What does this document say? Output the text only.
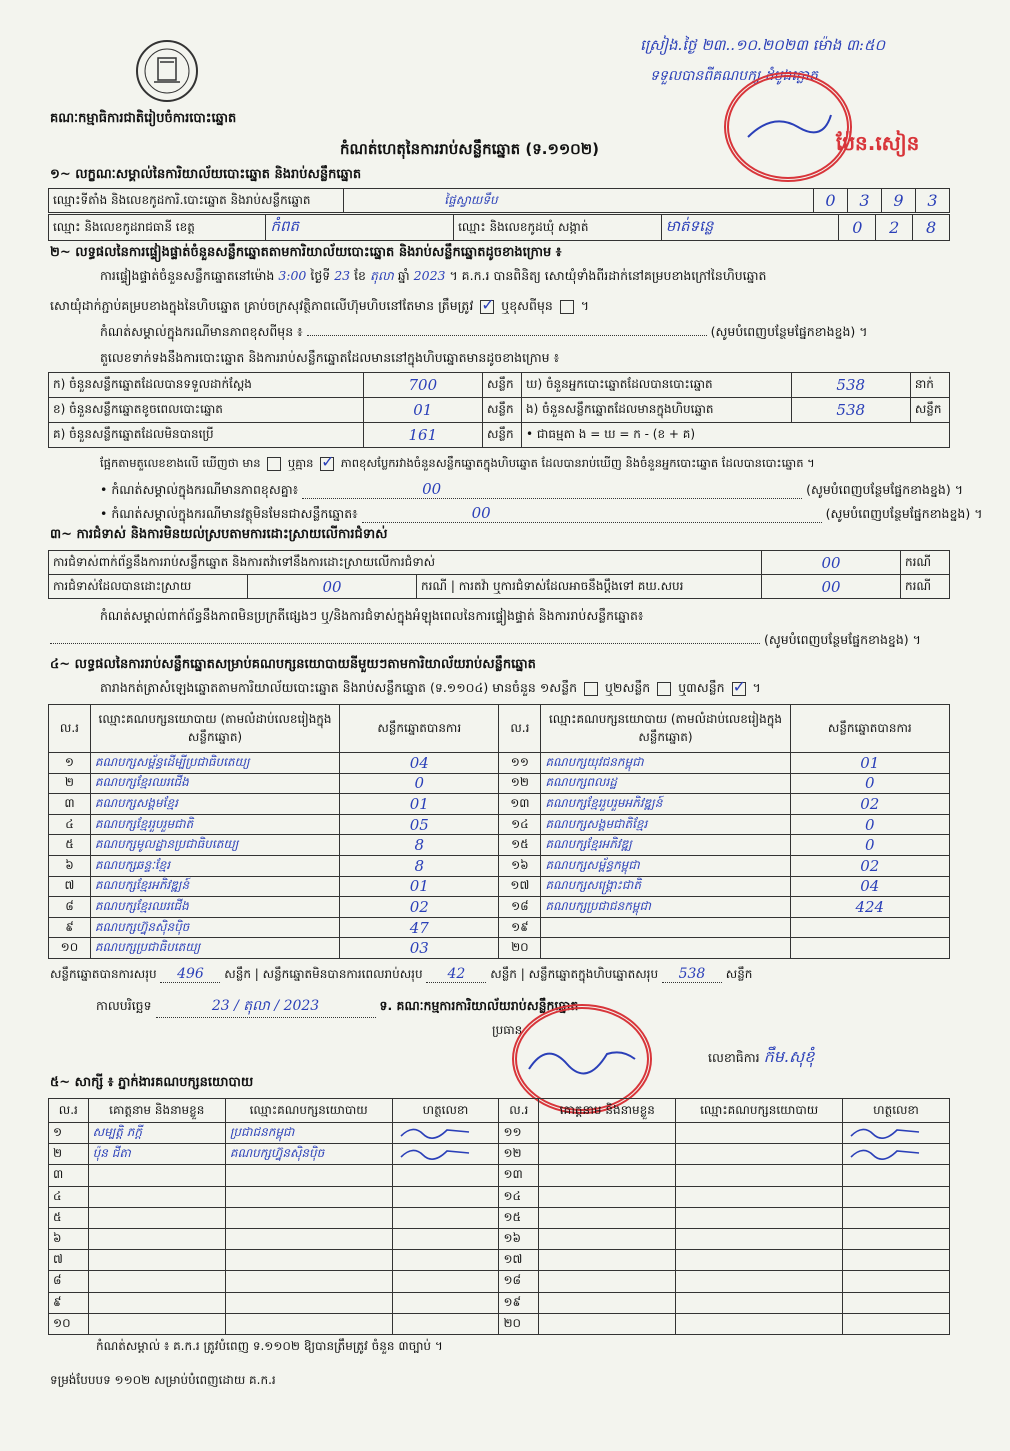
គណៈកម្មាធិការជាតិរៀបចំការបោះឆ្នោត
ស្រៀង.ថ្ងៃ​ ២៣.​.១០​.២០២៣ ម៉ោង ៣:៥០
ទទួលបានពីគណបក្ស ដំបូងក្លោត
ប៉ែន.សៀន
កំណត់ហេតុនៃការរាប់សន្លឹកឆ្នោត (ទ.១១០២)
១~ លក្ខណៈសម្គាល់នៃការិយាល័យបោះឆ្នោត និងរាប់សន្លឹកឆ្នោត
ឈ្មោះទីតាំង និងលេខកូដការិ.បោះឆ្នោត និងរាប់សន្លឹកឆ្នោត	ផ្ទៃស្វាយទឹប	0	3	9	3
ឈ្មោះ និងលេខកូដរាជធានី ខេត្ត	កំពត	ឈ្មោះ និងលេខកូដឃុំ សង្កាត់	មាត់ទន្លេ	0	2	8
២~ លទ្ធផលនៃការផ្ទៀងផ្ទាត់ចំនួនសន្លឹកឆ្នោតតាមការិយាល័យបោះឆ្នោត និងរាប់សន្លឹកឆ្នោតដូចខាងក្រោម ៖
ការផ្ទៀងផ្ទាត់ចំនួនសន្លឹកឆ្នោតនៅម៉ោង 3:00 ថ្ងៃទី 23 ខែ តុលា ឆ្នាំ 2023 ។ គ.ក.រ បានពិនិត្យ សោយុំទាំងពីរដាក់នៅគម្របខាងក្រៅនៃហិបឆ្នោត
សោយុំដាក់ភ្ជាប់គម្របខាងក្នុងនៃហិបឆ្នោត គ្រាប់ចក្រសុវត្ថិភាពលើហ៊ុមហិបនៅតែមាន ត្រឹមត្រូវ ✓ ឬខុសពីមុន  ។
កំណត់សម្គាល់ក្នុងករណីមានភាពខុសពីមុន ៖	(សូមបំពេញបន្ថែមផ្នែកខាងខ្នង) ។
តួលេខទាក់ទងនឹងការបោះឆ្នោត និងការរាប់សន្លឹកឆ្នោតដែលមាននៅក្នុងហិបឆ្នោតមានដូចខាងក្រោម ៖
ក) ចំនួនសន្លឹកឆ្នោតដែលបានទទួលដាក់ស្តែង	700	សន្លឹក	ឃ) ចំនួនអ្នកបោះឆ្នោតដែលបានបោះឆ្នោត	538	នាក់
ខ) ចំនួនសន្លឹកឆ្នោតខូចពេលបោះឆ្នោត	01	សន្លឹក	ង) ចំនួនសន្លឹកឆ្នោតដែលមានក្នុងហិបឆ្នោត	538	សន្លឹក
គ) ចំនួនសន្លឹកឆ្នោតដែលមិនបានប្រើ	161	សន្លឹក	• ជាធម្មតា ង = ឃ = ក - (ខ + គ)		
ផ្អែកតាមតួលេខខាងលើ ឃើញថា មាន ឬគ្មាន ✓ ភាពខុសប្លែករវាងចំនួនសន្លឹកឆ្នោតក្នុងហិបឆ្នោត ដែលបានរាប់ឃើញ និងចំនួនអ្នកបោះឆ្នោត ដែលបានបោះឆ្នោត ។
• កំណត់សម្គាល់ក្នុងករណីមានភាពខុសគ្នា៖	00	(សូមបំពេញបន្ថែមផ្នែកខាងខ្នង) ។
• កំណត់សម្គាល់ក្នុងករណីមានវត្ថុមិនមែនជាសន្លឹកឆ្នោត៖	00	(សូមបំពេញបន្ថែមផ្នែកខាងខ្នង) ។
៣~ ការជំទាស់ និងការមិនយល់ស្របតាមការដោះស្រាយលើការជំទាស់
ការជំទាស់ពាក់ព័ន្ធនឹងការរាប់សន្លឹកឆ្នោត និងការតវ៉ាទៅនឹងការដោះស្រាយលើការជំទាស់			00	ករណី
ការជំទាស់ដែលបានដោះស្រាយ	00	ករណី | ការតវ៉ា ឬការជំទាស់ដែលអាចនឹងប្តឹងទៅ គឃ.សបរ	00	ករណី
កំណត់សម្គាល់ពាក់ព័ន្ធនឹងភាពមិនប្រក្រតីផ្សេងៗ ឬ/និងការជំទាស់ក្នុងអំឡុងពេលនៃការផ្ទៀងផ្ទាត់ និងការរាប់សន្លឹកឆ្នោត៖
(សូមបំពេញបន្ថែមផ្នែកខាងខ្នង) ។
៤~ លទ្ធផលនៃការរាប់សន្លឹកឆ្នោតសម្រាប់គណបក្សនយោបាយនីមួយៗតាមការិយាល័យរាប់សន្លឹកឆ្នោត
តារាងកត់ត្រាសំឡេងឆ្នោតតាមការិយាល័យបោះឆ្នោត និងរាប់សន្លឹកឆ្នោត (ទ.១១០៤) មានចំនួន ១សន្លឹក ឬ២សន្លឹក ឬ៣សន្លឹក ✓ ។
ល.រ	ឈ្មោះគណបក្សនយោបាយ (តាមលំដាប់លេខរៀងក្នុងសន្លឹកឆ្នោត)	សន្លឹកឆ្នោតបានការ	ល.រ	ឈ្មោះគណបក្សនយោបាយ (តាមលំដាប់លេខរៀងក្នុងសន្លឹកឆ្នោត)	សន្លឹកឆ្នោតបានការ
១	គណបក្សសម្ព័ន្ធដើម្បីប្រជាធិបតេយ្យ	04	១១	គណបក្សយុវជនកម្ពុជា	01
២	គណបក្សខ្មែរឈរជើង	0	១២	គណបក្សពលរដ្ឋ	0
៣	គណបក្សសង្គមខ្មែរ	01	១៣	គណបក្សខ្មែររួបរួមអភិវឌ្ឍន៍	02
៤	គណបក្សខ្មែររួបរួមជាតិ	05	១៤	គណបក្សសង្គមជាតិខ្មែរ	0
៥	គណបក្សមូលដ្ឋានប្រជាធិបតេយ្យ	8	១៥	គណបក្សខ្មែរអភិវឌ្ឍ	0
៦	គណបក្សឆន្ទៈខ្មែរ	8	១៦	គណបក្សសម្ព័ន្ធកម្ពុជា	02
៧	គណបក្សខ្មែរអភិវឌ្ឍន៍	01	១៧	គណបក្សសង្គ្រោះជាតិ	04
៨	គណបក្សខ្មែរឈរជើង	02	១៨	គណបក្សប្រជាជនកម្ពុជា	424
៩	គណបក្សហ្វ៊ុនស៊ិនប៉ិច	47	១៩		
១០	គណបក្សប្រជាធិបតេយ្យ	03	២០		
សន្លឹកឆ្នោតបានការសរុប 496 សន្លឹក | សន្លឹកឆ្នោតមិនបានការពេលរាប់សរុប 42 សន្លឹក | សន្លឹកឆ្នោតក្នុងហិបឆ្នោតសរុប 538 សន្លឹក
កាលបរិច្ឆេទ	23 / តុលា / 2023	ទ. គណៈកម្មការការិយាល័យរាប់សន្លឹកឆ្នោត
ប្រធាន
លេខាធិការ កឹម.សុខុំ
៥~ សាក្សី ៖ ភ្នាក់ងារគណបក្សនយោបាយ
ល.រ	គោត្តនាម និងនាមខ្លួន	ឈ្មោះគណបក្សនយោបាយ	ហត្ថលេខា	ល.រ	គោត្តនាម និងនាមខ្លួន	ឈ្មោះគណបក្សនយោបាយ	ហត្ថលេខា
១	សម្បត្តិ ភក្តី	ប្រជាជនកម្ពុជា		១១			
២	ប៉ុន ជីតា	គណបក្សហ្វ៊ុនស៊ិនប៉ិច		១២			
៣				១៣			
៤				១៤			
៥				១៥			
៦				១៦			
៧				១៧			
៨				១៨			
៩				១៩			
១០				២០			
កំណត់សម្គាល់ ៖ គ.ក.រ ត្រូវបំពេញ ទ.១១០២ ឱ្យបានត្រឹមត្រូវ ចំនួន ៣ច្បាប់ ។
ទម្រង់បែបបទ ១១០២ សម្រាប់បំពេញដោយ គ.ក.រ
